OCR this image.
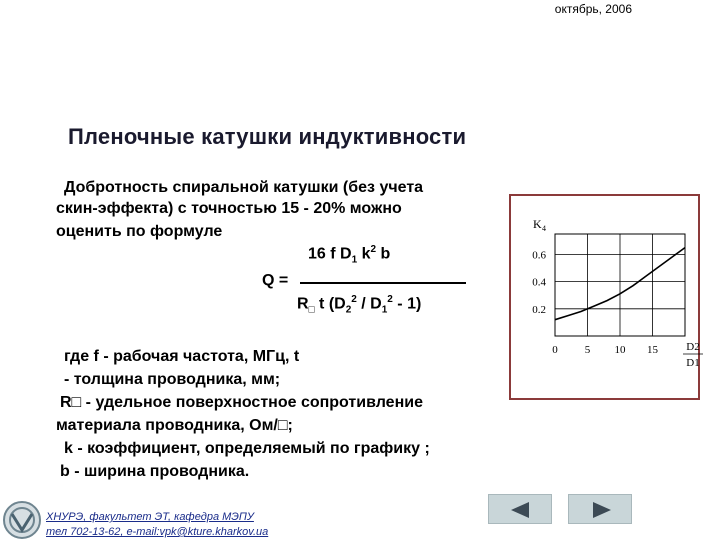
октябрь, 2006
Пленочные катушки индуктивности
Добротность спиральной катушки (без учета
скин-эффекта) с точностью 15 - 20% можно
оценить по формуле
16 f $D_1$ $k^2$ b
Q =
$R_□$ t $(D_2^2 / D_1^2 - 1)$
где f - рабочая частота, МГц, t
- толщина проводника, мм;
R□ - удельное поверхностное сопротивление
материала проводника, Ом/□;
k - коэффициент, определяемый по графику ;
b - ширина проводника.
0 5 10 15
0.2
0.4
0.6
K 4
D2
D1
ХНУРЭ, факультет ЭТ, кафедра МЭПУ
тел 702-13-62, e-mail:vpk@kture.kharkov.ua
